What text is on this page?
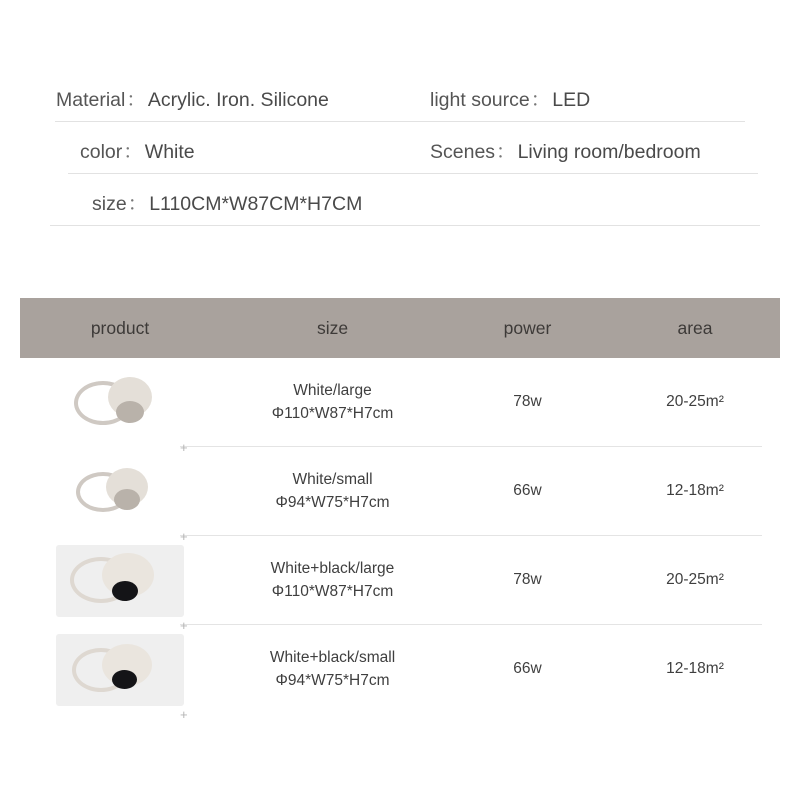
Material ： Acrylic. Iron. Silicone	light source ： LED
color ： White	Scenes ： Living room/bedroom
size ： L110CM*W87CM*H7CM
product	size	power	area
White/large
Φ110*W87*H7cm
78w	20-25m²
+
White/small
Φ94*W75*H7cm
66w	12-18m²
+
White+black/large
Φ110*W87*H7cm
78w	20-25m²
+
White+black/small
Φ94*W75*H7cm
66w	12-18m²
+
